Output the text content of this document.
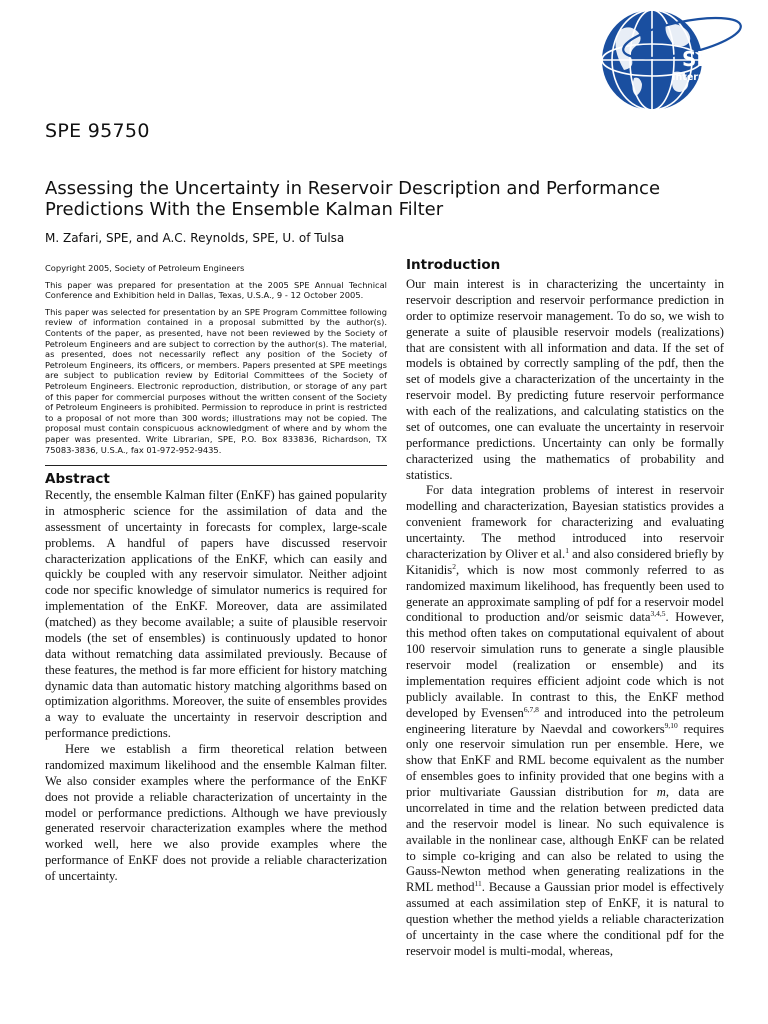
SPE
International
SPE 95750
Assessing the Uncertainty in Reservoir Description and Performance Predictions With the Ensemble Kalman Filter
M. Zafari, SPE, and A.C. Reynolds, SPE, U. of Tulsa

Copyright 2005, Society of Petroleum Engineers

This paper was prepared for presentation at the 2005 SPE Annual Technical Conference and Exhibition held in Dallas, Texas, U.S.A., 9 - 12 October 2005.

This paper was selected for presentation by an SPE Program Committee following review of information contained in a proposal submitted by the author(s). Contents of the paper, as presented, have not been reviewed by the Society of Petroleum Engineers and are subject to correction by the author(s). The material, as presented, does not necessarily reflect any position of the Society of Petroleum Engineers, its officers, or members. Papers presented at SPE meetings are subject to publication review by Editorial Committees of the Society of Petroleum Engineers. Electronic reproduction, distribution, or storage of any part of this paper for commercial purposes without the written consent of the Society of Petroleum Engineers is prohibited. Permission to reproduce in print is restricted to a proposal of not more than 300 words; illustrations may not be copied. The proposal must contain conspicuous acknowledgment of where and by whom the paper was presented. Write Librarian, SPE, P.O. Box 833836, Richardson, TX 75083-3836, U.S.A., fax 01-972-952-9435.

Abstract

Recently, the ensemble Kalman filter (EnKF) has gained popularity in atmospheric science for the assimilation of data and the assessment of uncertainty in forecasts for complex, large-scale problems. A handful of papers have discussed reservoir characterization applications of the EnKF, which can easily and quickly be coupled with any reservoir simulator. Neither adjoint code nor specific knowledge of simulator numerics is required for implementation of the EnKF. Moreover, data are assimilated (matched) as they become available; a suite of plausible reservoir models (the set of ensembles) is continuously updated to honor data without rematching data assimilated previously. Because of these features, the method is far more efficient for history matching dynamic data than automatic history matching algorithms based on optimization algorithms. Moreover, the suite of ensembles provides a way to evaluate the uncertainty in reservoir description and performance predictions.

Here we establish a firm theoretical relation between randomized maximum likelihood and the ensemble Kalman filter. We also consider examples where the performance of the EnKF does not provide a reliable characterization of uncertainty in the model or performance predictions. Although we have previously generated reservoir characterization examples where the method worked well, here we also provide examples where the performance of EnKF does not provide a reliable characterization of uncertainty.

Introduction

Our main interest is in characterizing the uncertainty in reservoir description and reservoir performance prediction in order to optimize reservoir management. To do so, we wish to generate a suite of plausible reservoir models (realizations) that are consistent with all information and data. If the set of models is obtained by correctly sampling of the pdf, then the set of models give a characterization of the uncertainty in the reservoir model. By predicting future reservoir performance with each of the realizations, and calculating statistics on the set of outcomes, one can evaluate the uncertainty in reservoir performance predictions. Uncertainty can only be formally characterized using the mathematics of probability and statistics.

For data integration problems of interest in reservoir modelling and characterization, Bayesian statistics provides a convenient framework for characterizing and evaluating uncertainty. The method introduced into reservoir characterization by Oliver et al.$^1$ and also considered briefly by Kitanidis$^2$, which is now most commonly referred to as randomized maximum likelihood, has frequently been used to generate an approximate sampling of pdf for a reservoir model conditional to production and/or seismic data$^{3,4,5}$. However, this method often takes on computational equivalent of about 100 reservoir simulation runs to generate a single plausible reservoir model (realization or ensemble) and its implementation requires efficient adjoint code which is not publicly available. In contrast to this, the EnKF method developed by Evensen$^{6,7,8}$ and introduced into the petroleum engineering literature by Naevdal and coworkers$^{9,10}$ requires only one reservoir simulation run per ensemble. Here, we show that EnKF and RML become equivalent as the number of ensembles goes to infinity provided that one begins with a prior multivariate Gaussian distribution for m, data are uncorrelated in time and the relation between predicted data and the reservoir model is linear. No such equivalence is available in the nonlinear case, although EnKF can be related to simple co-kriging and can also be related to using the Gauss-Newton method when generating realizations in the RML method$^{11}$. Because a Gaussian prior model is effectively assumed at each assimilation step of EnKF, it is natural to question whether the method yields a reliable characterization of uncertainty in the case where the conditional pdf for the reservoir model is multi-modal, whereas,
